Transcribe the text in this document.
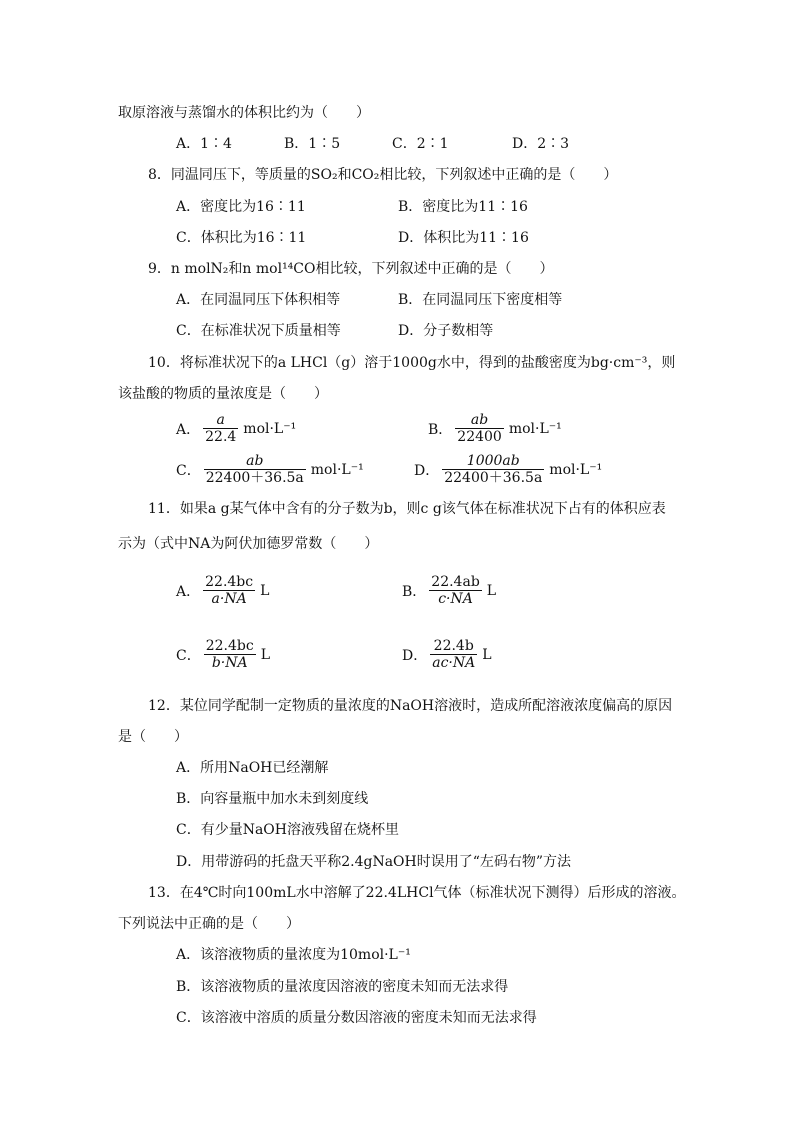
取原溶液与蒸馏水的体积比约为（　　）
A．1∶4	B．1∶5	C．2∶1	D．2∶3
8．同温同压下，等质量的SO₂和CO₂相比较，下列叙述中正确的是（　　）
A．密度比为16∶11	B．密度比为11∶16
C．体积比为16∶11	D．体积比为11∶16
9．n molN₂和n mol¹⁴CO相比较，下列叙述中正确的是（　　）
A．在同温同压下体积相等	B．在同温同压下密度相等
C．在标准状况下质量相等	D．分子数相等
10．将标准状况下的a LHCl（g）溶于1000g水中，得到的盐酸密度为bg·cm⁻³，则
该盐酸的物质的量浓度是（　　）
A． $\frac{a}{22.4} mol\cdot L^{-1}$	B． $\frac{ab}{22400} mol\cdot L^{-1}$
C． $\frac{ab}{22400+36.5a} mol\cdot L^{-1}$	D． $\frac{1000ab}{22400+36.5a} mol\cdot L^{-1}$
11．如果a g某气体中含有的分子数为b，则c g该气体在标准状况下占有的体积应表
示为（式中NA为阿伏加德罗常数（　　）
A． $\frac{22.4bc}{a\cdot NA}$ L	B． $\frac{22.4ab}{c\cdot NA}$ L
C． $\frac{22.4bc}{b\cdot NA}$ L	D． $\frac{22.4b}{ac\cdot NA}$ L
12．某位同学配制一定物质的量浓度的NaOH溶液时，造成所配溶液浓度偏高的原因
是（　　）
A．所用NaOH已经潮解
B．向容量瓶中加水未到刻度线
C．有少量NaOH溶液残留在烧杯里
D．用带游码的托盘天平称2.4gNaOH时误用了“左码右物”方法
13．在4℃时向100mL水中溶解了22.4LHCl气体（标准状况下测得）后形成的溶液。
下列说法中正确的是（　　）
A．该溶液物质的量浓度为10mol·L⁻¹
B．该溶液物质的量浓度因溶液的密度未知而无法求得
C．该溶液中溶质的质量分数因溶液的密度未知而无法求得
